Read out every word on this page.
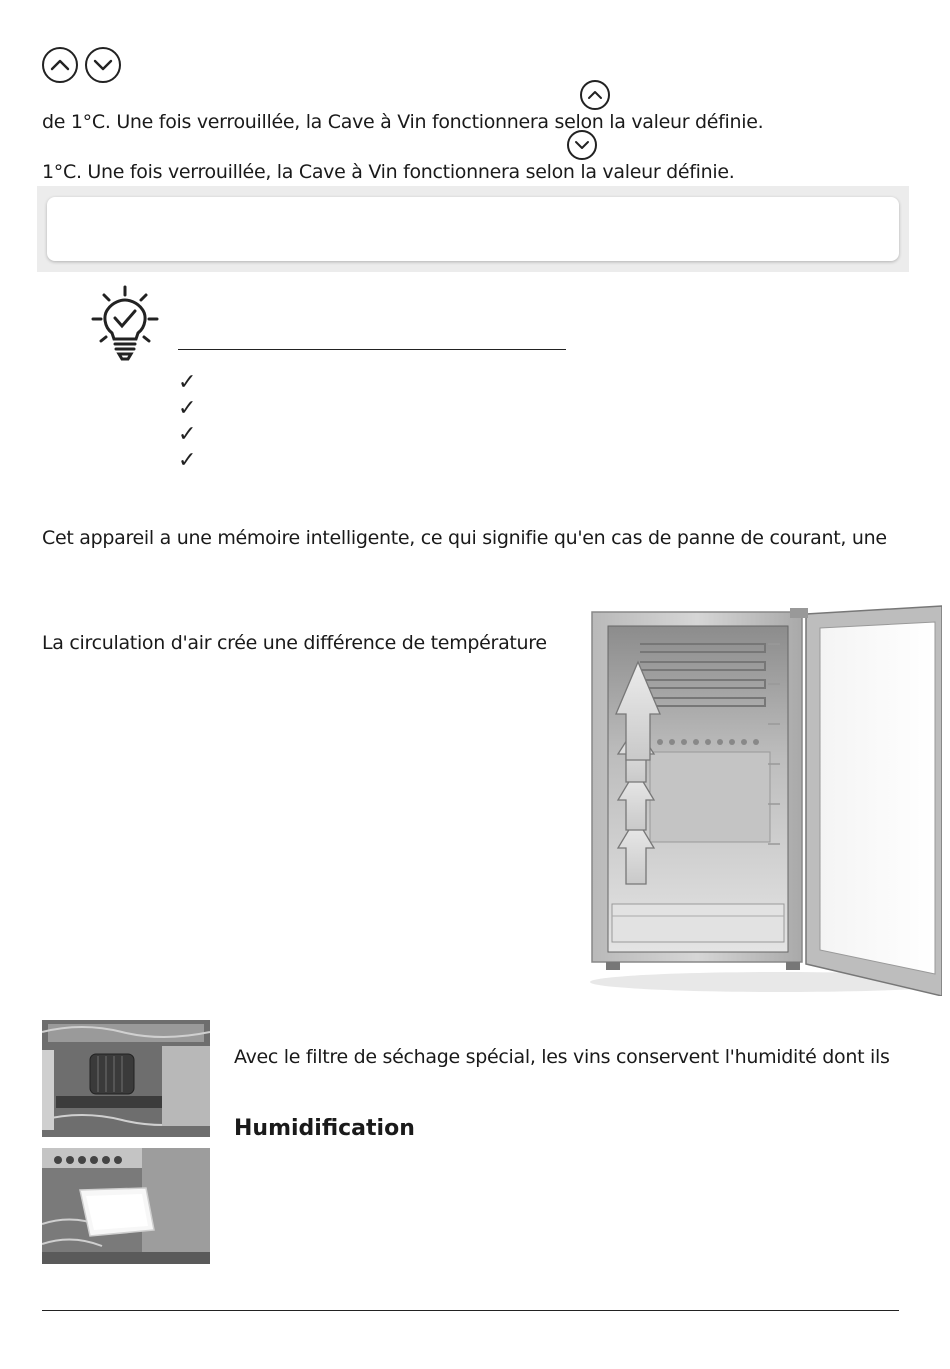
de 1°C. Une fois verrouillée, la Cave à Vin fonctionnera selon la valeur définie.
1°C. Une fois verrouillée, la Cave à Vin fonctionnera selon la valeur définie.
✓
✓
✓
✓
Cet appareil a une mémoire intelligente, ce qui signifie qu'en cas de panne de courant, une
La circulation d'air crée une différence de température
Avec le filtre de séchage spécial, les vins conservent l'humidité dont ils
Humidification
